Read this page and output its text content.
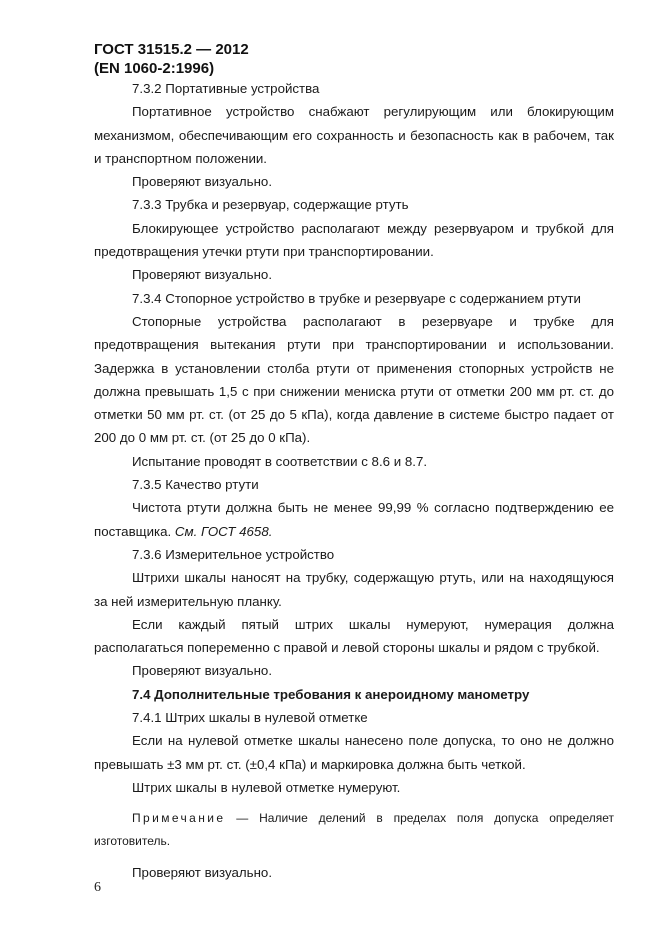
ГОСТ 31515.2 — 2012
(EN 1060-2:1996)

7.3.2 Портативные устройства

Портативное устройство снабжают регулирующим или блокирующим механизмом, обеспечивающим его сохранность и безопасность как в рабочем, так и транспортном положении.

Проверяют визуально.

7.3.3 Трубка и резервуар, содержащие ртуть

Блокирующее устройство располагают между резервуаром и трубкой для предотвращения утечки ртути при транспортировании.

Проверяют визуально.

7.3.4 Стопорное устройство в трубке и резервуаре с содержанием ртути

Стопорные устройства располагают в резервуаре и трубке для предотвращения вытекания ртути при транспортировании и использовании. Задержка в установлении столба ртути от применения стопорных устройств не должна превышать 1,5 с при снижении мениска ртути от отметки 200 мм рт. ст. до отметки 50 мм рт. ст. (от 25 до 5 кПа), когда давление в системе быстро падает от 200 до 0 мм рт. ст. (от 25 до 0 кПа).

Испытание проводят в соответствии с 8.6 и 8.7.

7.3.5 Качество ртути

Чистота ртути должна быть не менее 99,99 % согласно подтверждению ее поставщика. См. ГОСТ 4658.

7.3.6 Измерительное устройство

Штрихи шкалы наносят на трубку, содержащую ртуть, или на находящуюся за ней измерительную планку.

Если каждый пятый штрих шкалы нумеруют, нумерация должна располагаться попеременно с правой и левой стороны шкалы и рядом с трубкой.

Проверяют визуально.

7.4 Дополнительные требования к анероидному манометру

7.4.1 Штрих шкалы в нулевой отметке

Если на нулевой отметке шкалы нанесено поле допуска, то оно не должно превышать ±3 мм рт. ст. (±0,4 кПа) и маркировка должна быть четкой.

Штрих шкалы в нулевой отметке нумеруют.

Примечание — Наличие делений в пределах поля допуска определяет изготовитель.

Проверяют визуально.

6
